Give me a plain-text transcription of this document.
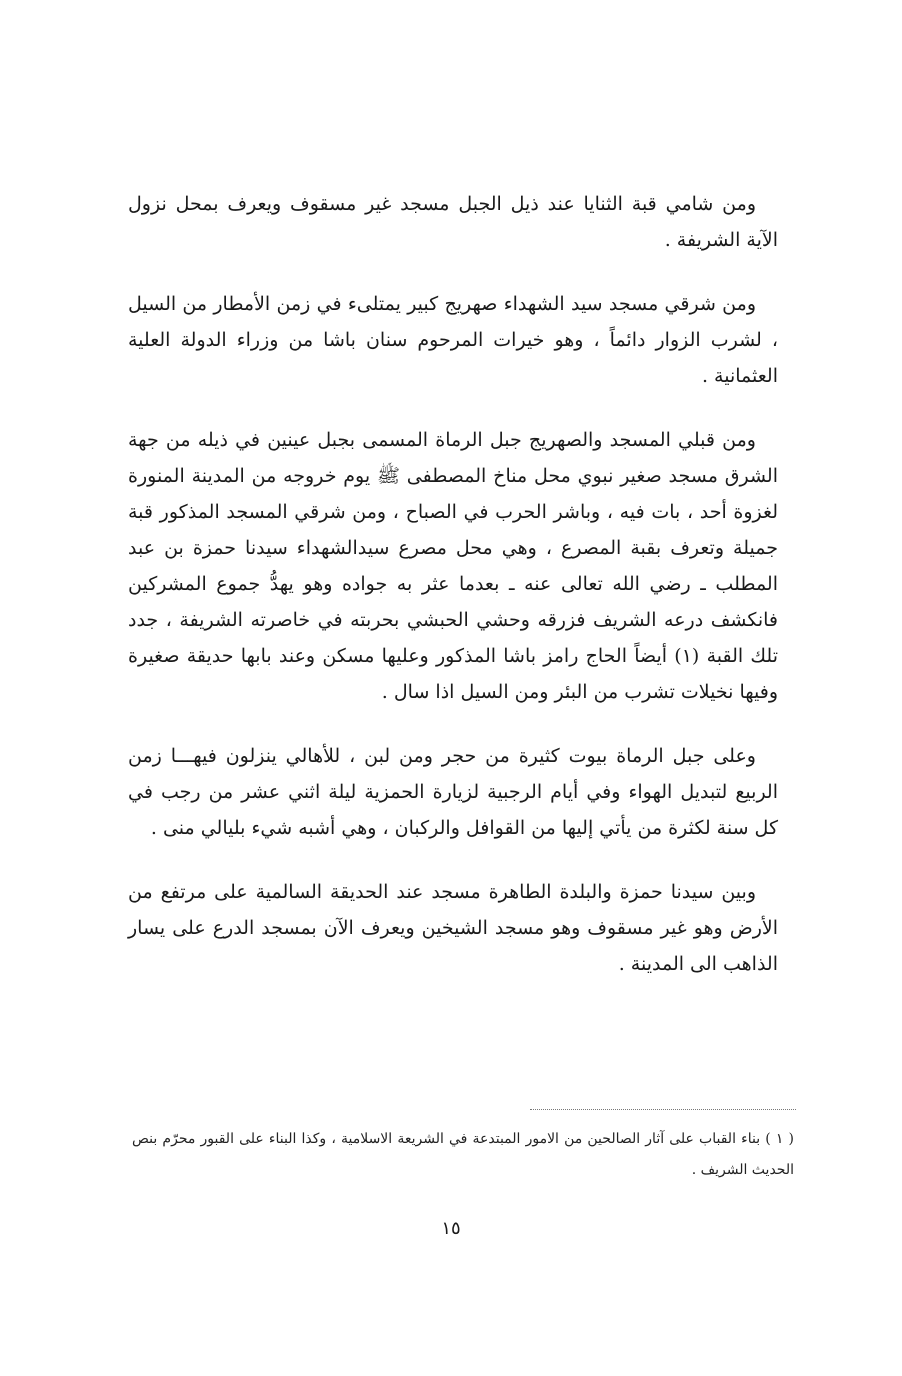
ومن شامي قبة الثنايا عند ذيل الجبل مسجد غير مسقوف ويعرف بمحل نزول الآية الشريفة .

ومن شرقي مسجد سيد الشهداء صهريج كبير يمتلىء في زمن الأمطار من السيل ، لشرب الزوار دائماً ، وهو خيرات المرحوم سنان باشا من وزراء الدولة العلية العثمانية .

ومن قبلي المسجد والصهريج جبل الرماة المسمى بجبل عينين في ذيله من جهة الشرق مسجد صغير نبوي محل مناخ المصطفى ﷺ يوم خروجه من المدينة المنورة لغزوة أحد ، بات فيه ، وباشر الحرب في الصباح ، ومن شرقي المسجد المذكور قبة جميلة وتعرف بقبة المصرع ، وهي محل مصرع سيدالشهداء سيدنا حمزة بن عبد المطلب ـ رضي الله تعالى عنه ـ بعدما عثر به جواده وهو يهدُّ جموع المشركين فانكشف درعه الشريف فزرقه وحشي الحبشي بحربته في خاصرته الشريفة ، جدد تلك القبة (١) أيضاً الحاج رامز باشا المذكور وعليها مسكن وعند بابها حديقة صغيرة وفيها نخيلات تشرب من البئر ومن السيل اذا سال .

وعلى جبل الرماة بيوت كثيرة من حجر ومن لبن ، للأهالي ينزلون فيهـــا زمن الربيع لتبديل الهواء وفي أيام الرجبية لزيارة الحمزية ليلة اثني عشر من رجب في كل سنة لكثرة من يأتي إليها من القوافل والركبان ، وهي أشبه شيء بليالي منى .

وبين سيدنا حمزة والبلدة الطاهرة مسجد عند الحديقة السالمية على مرتفع من الأرض وهو غير مسقوف وهو مسجد الشيخين ويعرف الآن بمسجد الدرع على يسار الذاهب الى المدينة .

( ١ ) بناء القباب على آثار الصالحين من الامور المبتدعة في الشريعة الاسلامية ، وكذا البناء على القبور محرّم بنص الحديث الشريف .

١٥
